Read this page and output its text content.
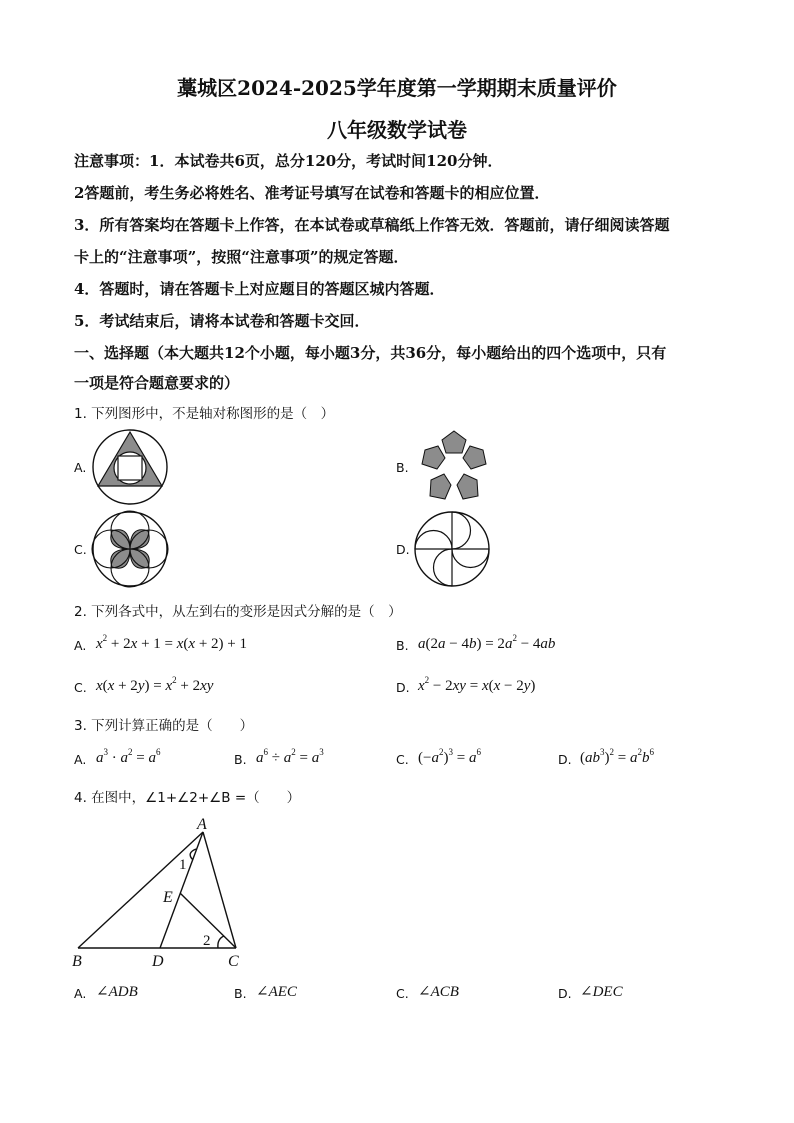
藁城区2024-2025学年度第一学期期末质量评价
八年级数学试卷
注意事项：1．本试卷共6页，总分120分，考试时间120分钟．
2答题前，考生务必将姓名、准考证号填写在试卷和答题卡的相应位置．
3．所有答案均在答题卡上作答，在本试卷或草稿纸上作答无效．答题前，请仔细阅读答题
卡上的“注意事项”，按照“注意事项”的规定答题．
4．答题时，请在答题卡上对应题目的答题区城内答题．
5．考试结束后，请将本试卷和答题卡交回．
一、选择题（本大题共12个小题，每小题3分，共36分，每小题给出的四个选项中，只有
一项是符合题意要求的）
1. 下列图形中，不是轴对称图形的是（　）
A.	B.
C.	D.
2. 下列各式中，从左到右的变形是因式分解的是（　）
A. $x^2 + 2x + 1 = x(x + 2) + 1$	B. $a(2a - 4b) = 2a^2 - 4ab$
C. $x(x + 2y) = x^2 + 2xy$	D. $x^2 - 2xy = x(x - 2y)$
3. 下列计算正确的是（　　）
A. $a^3 \cdot a^2 = a^6$	B. $a^6 \div a^2 = a^3$	C. $(-a^2)^3 = a^6$	D. $(ab^3)^2 = a^2b^6$
4. 在图中，∠1+∠2+∠B =（　　）
A
B	D	C
E
1
2
A. ∠ADB	B. ∠AEC	C. ∠ACB	D. ∠DEC
